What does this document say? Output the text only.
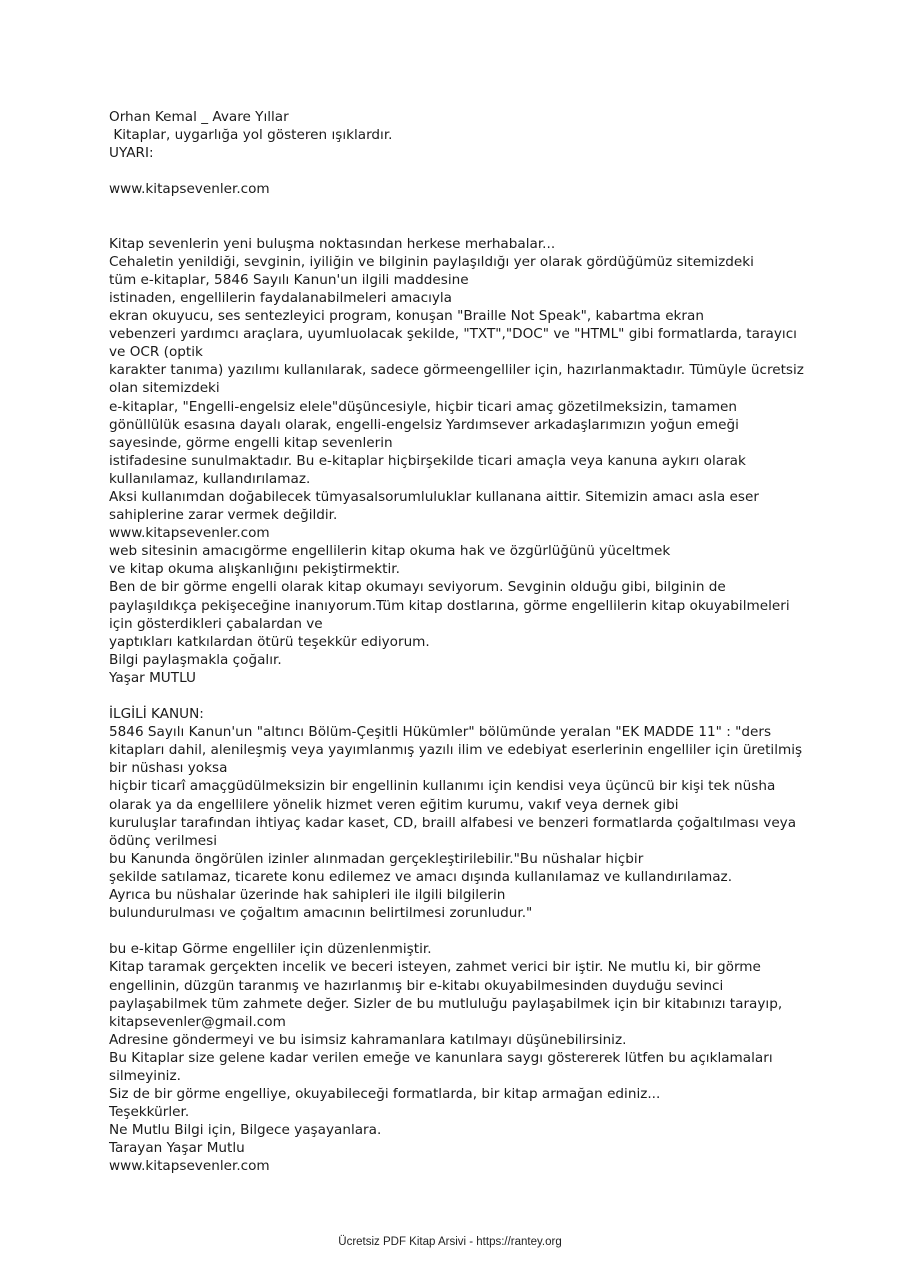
Orhan Kemal _ Avare Yıllar
Kitaplar, uygarlığa yol gösteren ışıklardır.
UYARI:
www.kitapsevenler.com
Kitap sevenlerin yeni buluşma noktasından herkese merhabalar...
Cehaletin yenildiği, sevginin, iyiliğin ve bilginin paylaşıldığı yer olarak gördüğümüz sitemizdeki
tüm e-kitaplar, 5846 Sayılı Kanun'un ilgili maddesine
istinaden, engellilerin faydalanabilmeleri amacıyla
ekran okuyucu, ses sentezleyici program, konuşan "Braille Not Speak", kabartma ekran
vebenzeri yardımcı araçlara, uyumluolacak şekilde, "TXT","DOC" ve "HTML" gibi formatlarda, tarayıcı ve OCR (optik
karakter tanıma) yazılımı kullanılarak, sadece görmeengelliler için, hazırlanmaktadır. Tümüyle ücretsiz olan sitemizdeki
e-kitaplar, "Engelli-engelsiz elele"düşüncesiyle, hiçbir ticari amaç gözetilmeksizin, tamamen gönüllülük esasına dayalı olarak, engelli-engelsiz Yardımsever arkadaşlarımızın yoğun emeği sayesinde, görme engelli kitap sevenlerin
istifadesine sunulmaktadır. Bu e-kitaplar hiçbirşekilde ticari amaçla veya kanuna aykırı olarak kullanılamaz, kullandırılamaz.
Aksi kullanımdan doğabilecek tümyasalsorumluluklar kullanana aittir. Sitemizin amacı asla eser sahiplerine zarar vermek değildir.
www.kitapsevenler.com
web sitesinin amacıgörme engellilerin kitap okuma hak ve özgürlüğünü yüceltmek
ve kitap okuma alışkanlığını pekiştirmektir.
Ben de bir görme engelli olarak kitap okumayı seviyorum. Sevginin olduğu gibi, bilginin de paylaşıldıkça pekişeceğine inanıyorum.Tüm kitap dostlarına, görme engellilerin kitap okuyabilmeleri için gösterdikleri çabalardan ve
yaptıkları katkılardan ötürü teşekkür ediyorum.
Bilgi paylaşmakla çoğalır.
Yaşar MUTLU
İLGİLİ KANUN:
5846 Sayılı Kanun'un "altıncı Bölüm-Çeşitli Hükümler" bölümünde yeralan "EK MADDE 11" : "ders kitapları dahil, alenileşmiş veya yayımlanmış yazılı ilim ve edebiyat eserlerinin engelliler için üretilmiş bir nüshası yoksa
hiçbir ticarî amaçgüdülmeksizin bir engellinin kullanımı için kendisi veya üçüncü bir kişi tek nüsha olarak ya da engellilere yönelik hizmet veren eğitim kurumu, vakıf veya dernek gibi
kuruluşlar tarafından ihtiyaç kadar kaset, CD, braill alfabesi ve benzeri formatlarda çoğaltılması veya ödünç verilmesi
bu Kanunda öngörülen izinler alınmadan gerçekleştirilebilir."Bu nüshalar hiçbir
şekilde satılamaz, ticarete konu edilemez ve amacı dışında kullanılamaz ve kullandırılamaz.
Ayrıca bu nüshalar üzerinde hak sahipleri ile ilgili bilgilerin
bulundurulması ve çoğaltım amacının belirtilmesi zorunludur."
bu e-kitap Görme engelliler için düzenlenmiştir.
Kitap taramak gerçekten incelik ve beceri isteyen, zahmet verici bir iştir. Ne mutlu ki, bir görme engellinin, düzgün taranmış ve hazırlanmış bir e-kitabı okuyabilmesinden duyduğu sevinci paylaşabilmek tüm zahmete değer. Sizler de bu mutluluğu paylaşabilmek için bir kitabınızı tarayıp,
kitapsevenler@gmail.com
Adresine göndermeyi ve bu isimsiz kahramanlara katılmayı düşünebilirsiniz.
Bu Kitaplar size gelene kadar verilen emeğe ve kanunlara saygı göstererek lütfen bu açıklamaları silmeyiniz.
Siz de bir görme engelliye, okuyabileceği formatlarda, bir kitap armağan ediniz...
Teşekkürler.
Ne Mutlu Bilgi için, Bilgece yaşayanlara.
Tarayan Yaşar Mutlu
www.kitapsevenler.com
Ücretsiz PDF Kitap Arsivi - https://rantey.org
